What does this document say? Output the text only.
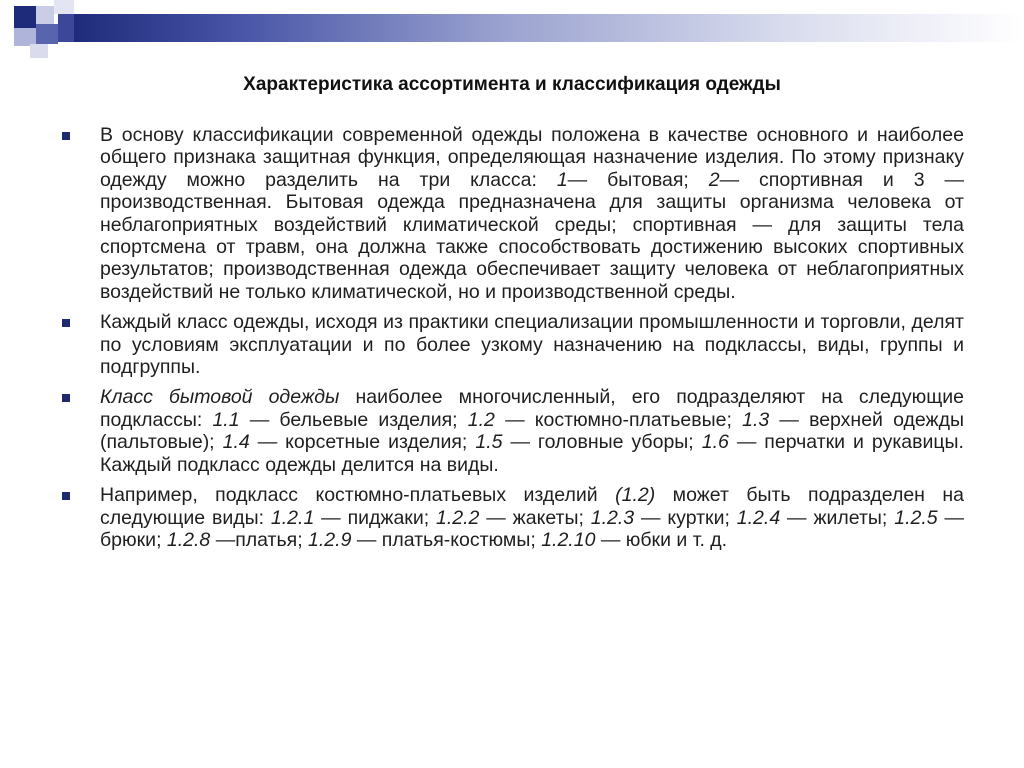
Характеристика ассортимента и классификация одежды
В основу классификации современной одежды положена в качестве основного и наиболее общего признака защитная функция, определяющая назначение изделия. По этому признаку одежду можно разделить на три класса: 1— бытовая; 2— спортивная и 3 — производственная. Бытовая одежда предназначена для защиты организма человека от неблагоприятных воздействий климатической среды; спортивная — для защиты тела спортсмена от травм, она должна также способствовать достижению высоких спортивных результатов; производственная одежда обеспечивает защиту человека от неблагоприятных воздействий не только климатической, но и производственной среды.
Каждый класс одежды, исходя из практики специализации промышленности и торговли, делят по условиям эксплуатации и по более узкому назначению на подклассы, виды, группы и подгруппы.
Класс бытовой одежды наиболее многочисленный, его подразделяют на следующие подклассы: 1.1 — бельевые изделия; 1.2 — костюмно-платьевые; 1.3 — верхней одежды (пальтовые); 1.4 — корсетные изделия; 1.5 — головные уборы; 1.6 — перчатки и рукавицы. Каждый подкласс одежды делится на виды.
Например, подкласс костюмно-платьевых изделий (1.2) может быть подразделен на следующие виды: 1.2.1 — пиджаки; 1.2.2 — жакеты; 1.2.3 — куртки; 1.2.4 — жилеты; 1.2.5 — брюки; 1.2.8 —платья; 1.2.9 — платья-костюмы; 1.2.10 — юбки и т. д.
